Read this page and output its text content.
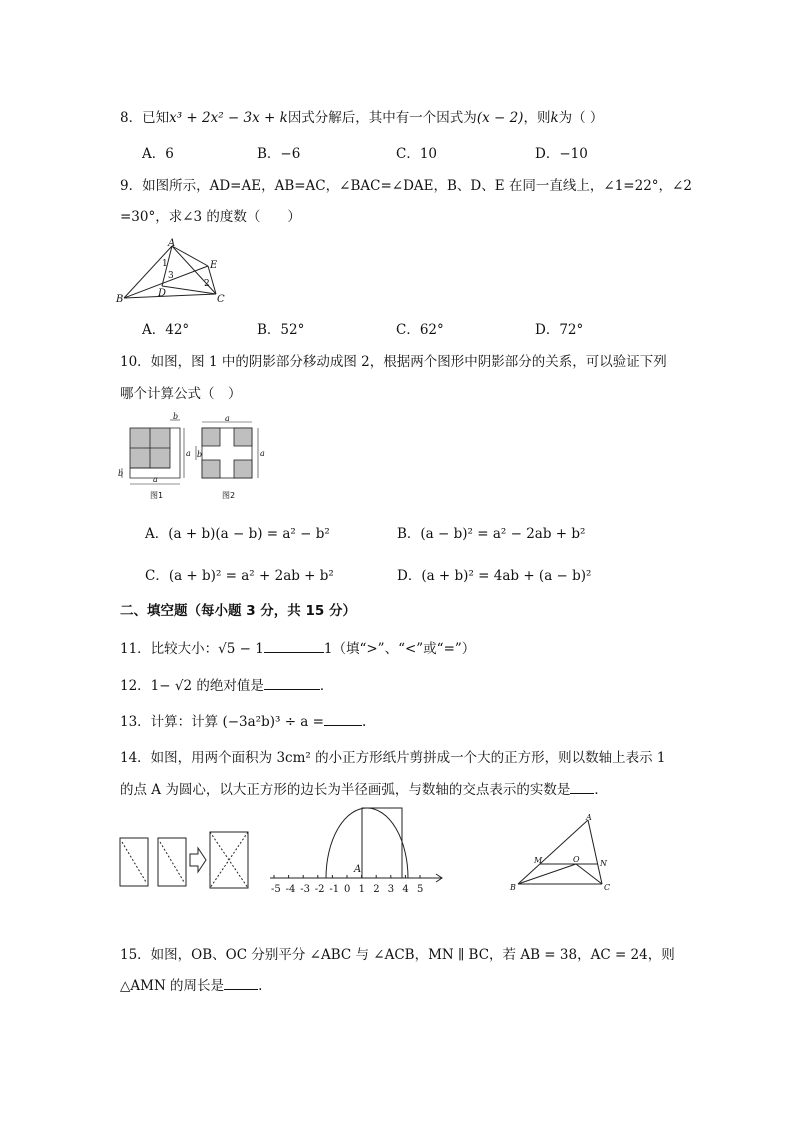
8．已知x³ + 2x² − 3x + k因式分解后，其中有一个因式为(x − 2)，则k为（ ）
A．6	B．−6	C．10	D．−10
9．如图所示，AD=AE，AB=AC，∠BAC=∠DAE，B、D、E 在同一直线上，∠1=22°，∠2
=30°，求∠3 的度数（　　）
A
B	C
D
E
1
2
3
A．42°	B．52°	C．62°	D．72°
10．如图，图 1 中的阴影部分移动成图 2，根据两个图形中阴影部分的关系，可以验证下列
哪个计算公式（　）
b
a
b
a
a
a
b
图1	图2
A．(a + b)(a − b) = a² − b²	B．(a − b)² = a² − 2ab + b²
C．(a + b)² = a² + 2ab + b²	D．(a + b)² = 4ab + (a − b)²
二、填空题（每小题 3 分，共 15 分）
11．比较大小：√5 − 1	1（填“>”、“<”或“=”）
12．1− √2 的绝对值是	．
13．计算：计算 (−3a²b)³ ÷ a =	.
14．如图，用两个面积为 3cm² 的小正方形纸片剪拼成一个大的正方形，则以数轴上表示 1
的点 A 为圆心，以大正方形的边长为半径画弧，与数轴的交点表示的实数是 ．
A
-5 -4 -3 -2 -1 0 1 2 3 4 5
A
B	C
M	N
O
15．如图，OB、OC 分别平分 ∠ABC 与 ∠ACB，MN ∥ BC，若 AB = 38，AC = 24，则
△AMN 的周长是	.
